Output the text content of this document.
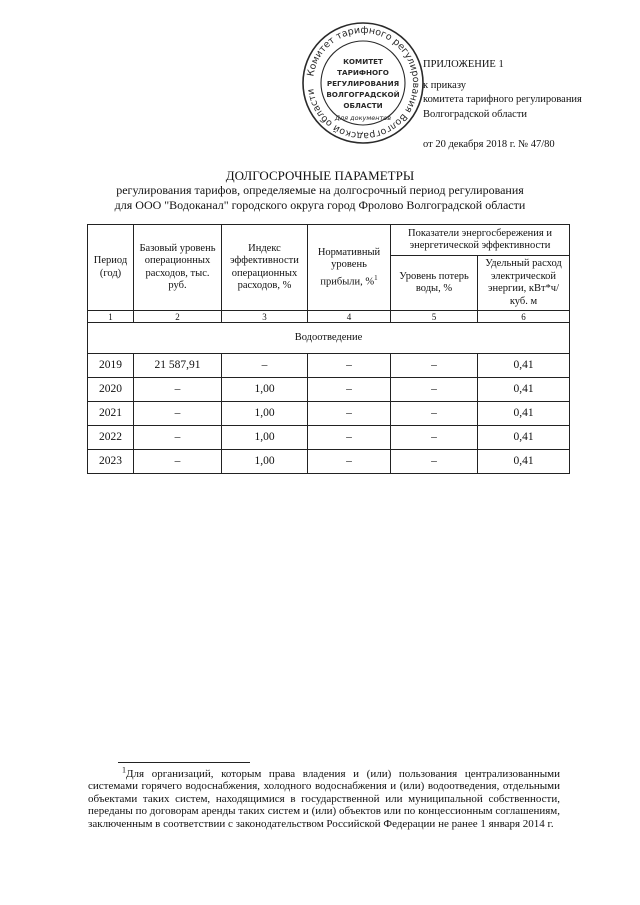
Комитет тарифного регулирования Волгоградской области
КОМИТЕТ
ТАРИФНОГО
РЕГУЛИРОВАНИЯ
ВОЛГОГРАДСКОЙ
ОБЛАСТИ
Для документов
ПРИЛОЖЕНИЕ 1
к приказу
комитета тарифного регулирования
Волгоградской области
от 20 декабря 2018 г. № 47/80
ДОЛГОСРОЧНЫЕ ПАРАМЕТРЫ
регулирования тарифов, определяемые на долгосрочный период регулирования
для ООО "Водоканал" городского округа город Фролово Волгоградской области
Период (год)	Базовый уровень операционных расходов, тыс. руб.	Индекс эффективности операционных расходов, %	Нормативный уровень прибыли, %$^1$	Показатели энергосбережения и энергетической эффективности	
				Уровень потерь воды, %	Удельный расход электрической энергии, кВт*ч/куб. м
1	2	3	4	5	6
Водоотведение					
2019	21 587,91	–	–	–	0,41
2020	–	1,00	–	–	0,41
2021	–	1,00	–	–	0,41
2022	–	1,00	–	–	0,41
2023	–	1,00	–	–	0,41
$^1$Для организаций, которым права владения и (или) пользования централизованными системами горячего водоснабжения, холодного водоснабжения и (или) водоотведения, отдельными объектами таких систем, находящимися в государственной или муниципальной собственности, переданы по договорам аренды таких систем и (или) объектов или по концессионным соглашениям, заключенным в соответствии с законодательством Российской Федерации не ранее 1 января 2014 г.
